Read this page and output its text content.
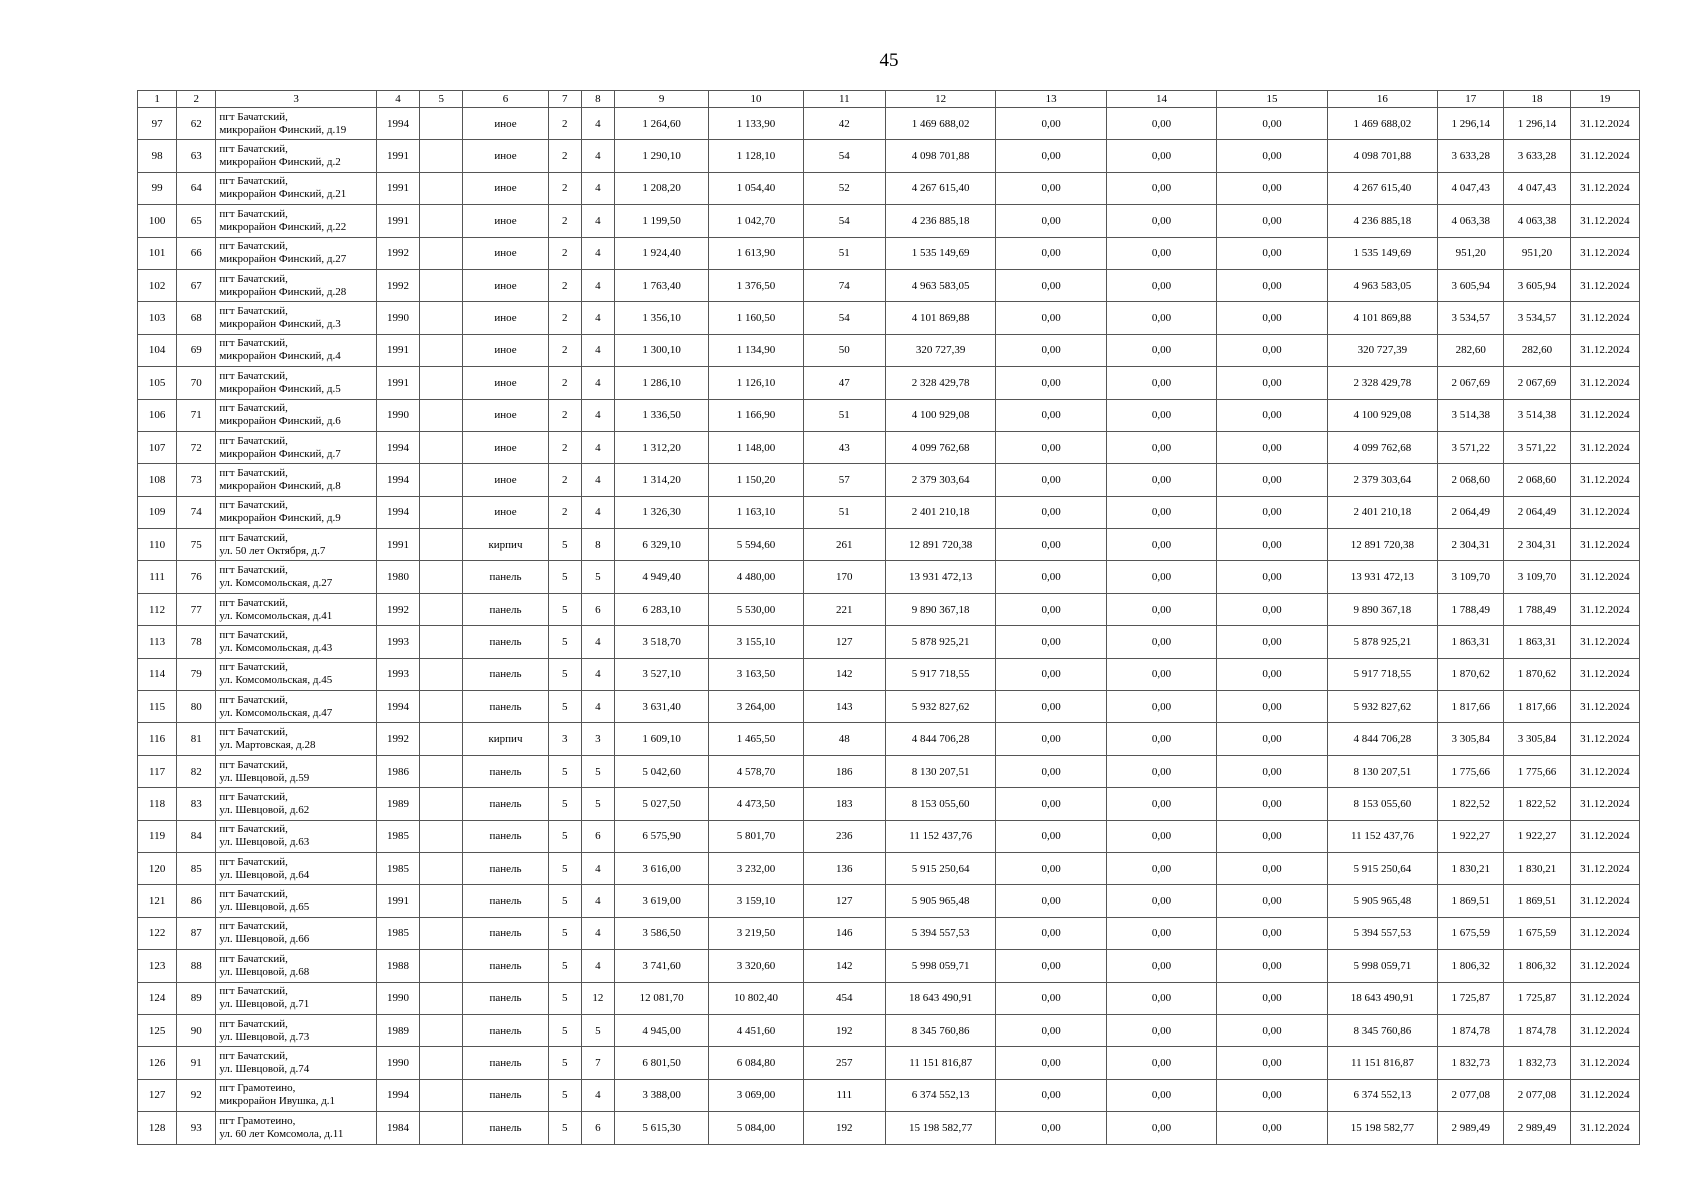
45
1	2	3	4	5	6	7	8	9	10	11	12	13	14	15	16	17	18	19
97	62	пгт Бачатский,
микрорайон Финский, д.19	1994		иное	2	4	1 264,60	1 133,90	42	1 469 688,02	0,00	0,00	0,00	1 469 688,02	1 296,14	1 296,14	31.12.2024
98	63	пгт Бачатский,
микрорайон Финский, д.2	1991		иное	2	4	1 290,10	1 128,10	54	4 098 701,88	0,00	0,00	0,00	4 098 701,88	3 633,28	3 633,28	31.12.2024
99	64	пгт Бачатский,
микрорайон Финский, д.21	1991		иное	2	4	1 208,20	1 054,40	52	4 267 615,40	0,00	0,00	0,00	4 267 615,40	4 047,43	4 047,43	31.12.2024
100	65	пгт Бачатский,
микрорайон Финский, д.22	1991		иное	2	4	1 199,50	1 042,70	54	4 236 885,18	0,00	0,00	0,00	4 236 885,18	4 063,38	4 063,38	31.12.2024
101	66	пгт Бачатский,
микрорайон Финский, д.27	1992		иное	2	4	1 924,40	1 613,90	51	1 535 149,69	0,00	0,00	0,00	1 535 149,69	951,20	951,20	31.12.2024
102	67	пгт Бачатский,
микрорайон Финский, д.28	1992		иное	2	4	1 763,40	1 376,50	74	4 963 583,05	0,00	0,00	0,00	4 963 583,05	3 605,94	3 605,94	31.12.2024
103	68	пгт Бачатский,
микрорайон Финский, д.3	1990		иное	2	4	1 356,10	1 160,50	54	4 101 869,88	0,00	0,00	0,00	4 101 869,88	3 534,57	3 534,57	31.12.2024
104	69	пгт Бачатский,
микрорайон Финский, д.4	1991		иное	2	4	1 300,10	1 134,90	50	320 727,39	0,00	0,00	0,00	320 727,39	282,60	282,60	31.12.2024
105	70	пгт Бачатский,
микрорайон Финский, д.5	1991		иное	2	4	1 286,10	1 126,10	47	2 328 429,78	0,00	0,00	0,00	2 328 429,78	2 067,69	2 067,69	31.12.2024
106	71	пгт Бачатский,
микрорайон Финский, д.6	1990		иное	2	4	1 336,50	1 166,90	51	4 100 929,08	0,00	0,00	0,00	4 100 929,08	3 514,38	3 514,38	31.12.2024
107	72	пгт Бачатский,
микрорайон Финский, д.7	1994		иное	2	4	1 312,20	1 148,00	43	4 099 762,68	0,00	0,00	0,00	4 099 762,68	3 571,22	3 571,22	31.12.2024
108	73	пгт Бачатский,
микрорайон Финский, д.8	1994		иное	2	4	1 314,20	1 150,20	57	2 379 303,64	0,00	0,00	0,00	2 379 303,64	2 068,60	2 068,60	31.12.2024
109	74	пгт Бачатский,
микрорайон Финский, д.9	1994		иное	2	4	1 326,30	1 163,10	51	2 401 210,18	0,00	0,00	0,00	2 401 210,18	2 064,49	2 064,49	31.12.2024
110	75	пгт Бачатский,
ул. 50 лет Октября, д.7	1991		кирпич	5	8	6 329,10	5 594,60	261	12 891 720,38	0,00	0,00	0,00	12 891 720,38	2 304,31	2 304,31	31.12.2024
111	76	пгт Бачатский,
ул. Комсомольская, д.27	1980		панель	5	5	4 949,40	4 480,00	170	13 931 472,13	0,00	0,00	0,00	13 931 472,13	3 109,70	3 109,70	31.12.2024
112	77	пгт Бачатский,
ул. Комсомольская, д.41	1992		панель	5	6	6 283,10	5 530,00	221	9 890 367,18	0,00	0,00	0,00	9 890 367,18	1 788,49	1 788,49	31.12.2024
113	78	пгт Бачатский,
ул. Комсомольская, д.43	1993		панель	5	4	3 518,70	3 155,10	127	5 878 925,21	0,00	0,00	0,00	5 878 925,21	1 863,31	1 863,31	31.12.2024
114	79	пгт Бачатский,
ул. Комсомольская, д.45	1993		панель	5	4	3 527,10	3 163,50	142	5 917 718,55	0,00	0,00	0,00	5 917 718,55	1 870,62	1 870,62	31.12.2024
115	80	пгт Бачатский,
ул. Комсомольская, д.47	1994		панель	5	4	3 631,40	3 264,00	143	5 932 827,62	0,00	0,00	0,00	5 932 827,62	1 817,66	1 817,66	31.12.2024
116	81	пгт Бачатский,
ул. Мартовская, д.28	1992		кирпич	3	3	1 609,10	1 465,50	48	4 844 706,28	0,00	0,00	0,00	4 844 706,28	3 305,84	3 305,84	31.12.2024
117	82	пгт Бачатский,
ул. Шевцовой, д.59	1986		панель	5	5	5 042,60	4 578,70	186	8 130 207,51	0,00	0,00	0,00	8 130 207,51	1 775,66	1 775,66	31.12.2024
118	83	пгт Бачатский,
ул. Шевцовой, д.62	1989		панель	5	5	5 027,50	4 473,50	183	8 153 055,60	0,00	0,00	0,00	8 153 055,60	1 822,52	1 822,52	31.12.2024
119	84	пгт Бачатский,
ул. Шевцовой, д.63	1985		панель	5	6	6 575,90	5 801,70	236	11 152 437,76	0,00	0,00	0,00	11 152 437,76	1 922,27	1 922,27	31.12.2024
120	85	пгт Бачатский,
ул. Шевцовой, д.64	1985		панель	5	4	3 616,00	3 232,00	136	5 915 250,64	0,00	0,00	0,00	5 915 250,64	1 830,21	1 830,21	31.12.2024
121	86	пгт Бачатский,
ул. Шевцовой, д.65	1991		панель	5	4	3 619,00	3 159,10	127	5 905 965,48	0,00	0,00	0,00	5 905 965,48	1 869,51	1 869,51	31.12.2024
122	87	пгт Бачатский,
ул. Шевцовой, д.66	1985		панель	5	4	3 586,50	3 219,50	146	5 394 557,53	0,00	0,00	0,00	5 394 557,53	1 675,59	1 675,59	31.12.2024
123	88	пгт Бачатский,
ул. Шевцовой, д.68	1988		панель	5	4	3 741,60	3 320,60	142	5 998 059,71	0,00	0,00	0,00	5 998 059,71	1 806,32	1 806,32	31.12.2024
124	89	пгт Бачатский,
ул. Шевцовой, д.71	1990		панель	5	12	12 081,70	10 802,40	454	18 643 490,91	0,00	0,00	0,00	18 643 490,91	1 725,87	1 725,87	31.12.2024
125	90	пгт Бачатский,
ул. Шевцовой, д.73	1989		панель	5	5	4 945,00	4 451,60	192	8 345 760,86	0,00	0,00	0,00	8 345 760,86	1 874,78	1 874,78	31.12.2024
126	91	пгт Бачатский,
ул. Шевцовой, д.74	1990		панель	5	7	6 801,50	6 084,80	257	11 151 816,87	0,00	0,00	0,00	11 151 816,87	1 832,73	1 832,73	31.12.2024
127	92	пгт Грамотеино,
микрорайон Ивушка, д.1	1994		панель	5	4	3 388,00	3 069,00	111	6 374 552,13	0,00	0,00	0,00	6 374 552,13	2 077,08	2 077,08	31.12.2024
128	93	пгт Грамотеино,
ул. 60 лет Комсомола, д.11	1984		панель	5	6	5 615,30	5 084,00	192	15 198 582,77	0,00	0,00	0,00	15 198 582,77	2 989,49	2 989,49	31.12.2024
